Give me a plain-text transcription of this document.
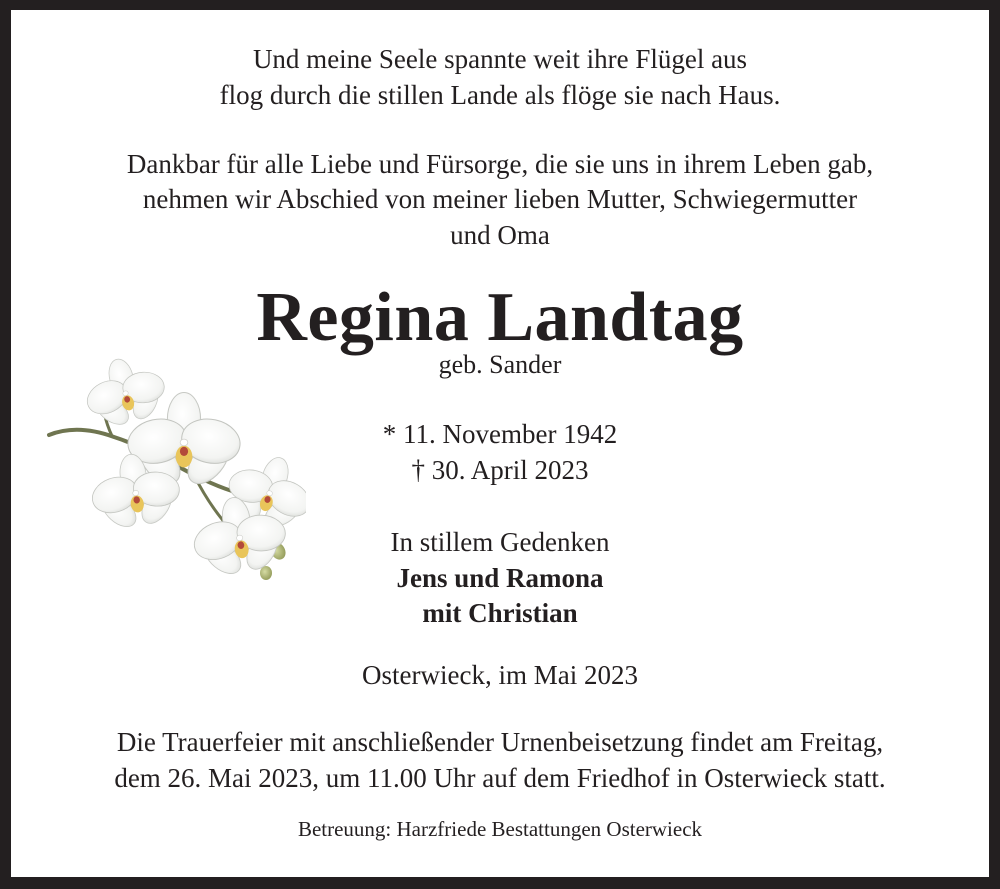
Und meine Seele spannte weit ihre Flügel aus
flog durch die stillen Lande als flöge sie nach Haus.
Dankbar für alle Liebe und Fürsorge, die sie uns in ihrem Leben gab,
nehmen wir Abschied von meiner lieben Mutter, Schwiegermutter
und Oma
Regina Landtag
geb. Sander
* 11. November 1942
† 30. April 2023
In stillem Gedenken
Jens und Ramona
mit Christian
Osterwieck, im Mai 2023
Die Trauerfeier mit anschließender Urnenbeisetzung findet am Freitag,
dem 26. Mai 2023, um 11.00 Uhr auf dem Friedhof in Osterwieck statt.
Betreuung: Harzfriede Bestattungen Osterwieck
